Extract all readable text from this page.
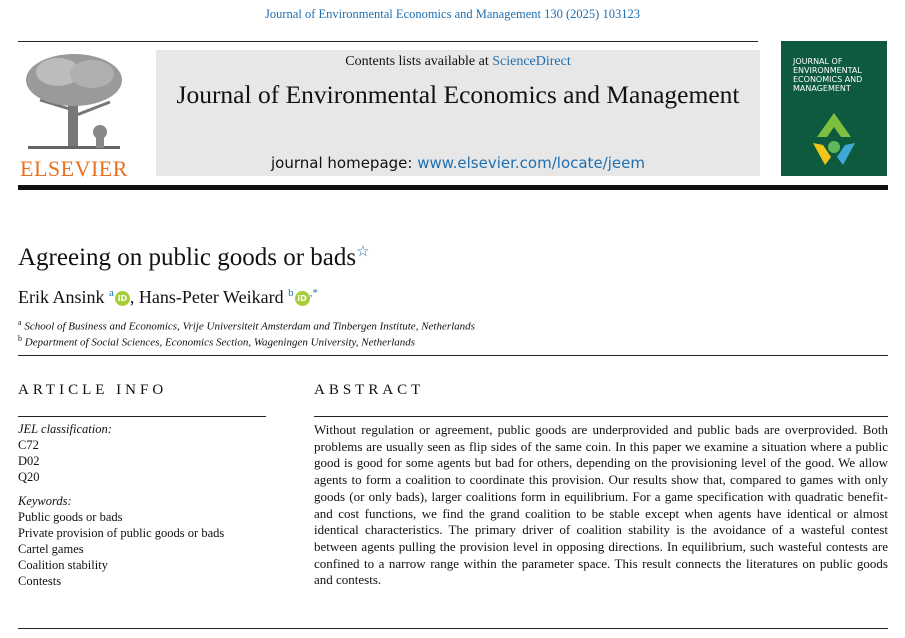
Journal of Environmental Economics and Management 130 (2025) 103123
ELSEVIER
Contents lists available at ScienceDirect
Journal of Environmental Economics and Management
journal homepage: www.elsevier.com/locate/jeem
JOURNAL OF ENVIRONMENTAL ECONOMICS AND MANAGEMENT
Agreeing on public goods or bads☆
Erik Ansink $^a$ iD , Hans-Peter Weikard $^b$ iD ,*
$^a$ School of Business and Economics, Vrije Universiteit Amsterdam and Tinbergen Institute, Netherlands
$^b$ Department of Social Sciences, Economics Section, Wageningen University, Netherlands
ARTICLE INFO
JEL classification:
C72
D02
Q20
Keywords:
Public goods or bads
Private provision of public goods or bads
Cartel games
Coalition stability
Contests
ABSTRACT
Without regulation or agreement, public goods are underprovided and public bads are overprovided. Both problems are usually seen as flip sides of the same coin. In this paper we examine a situation where a public good is good for some agents but bad for others, depending on the provisioning level of the good. We allow agents to form a coalition to coordinate this provision. Our results show that, compared to games with only goods (or only bads), larger coalitions form in equilibrium. For a game specification with quadratic benefit- and cost functions, we find the grand coalition to be stable except when agents have identical or almost identical characteristics. The primary driver of coalition stability is the avoidance of a wasteful contest between agents pulling the provision level in opposing directions. In equilibrium, such wasteful contests are confined to a narrow range within the parameter space. This result connects the literatures on public goods and contests.
